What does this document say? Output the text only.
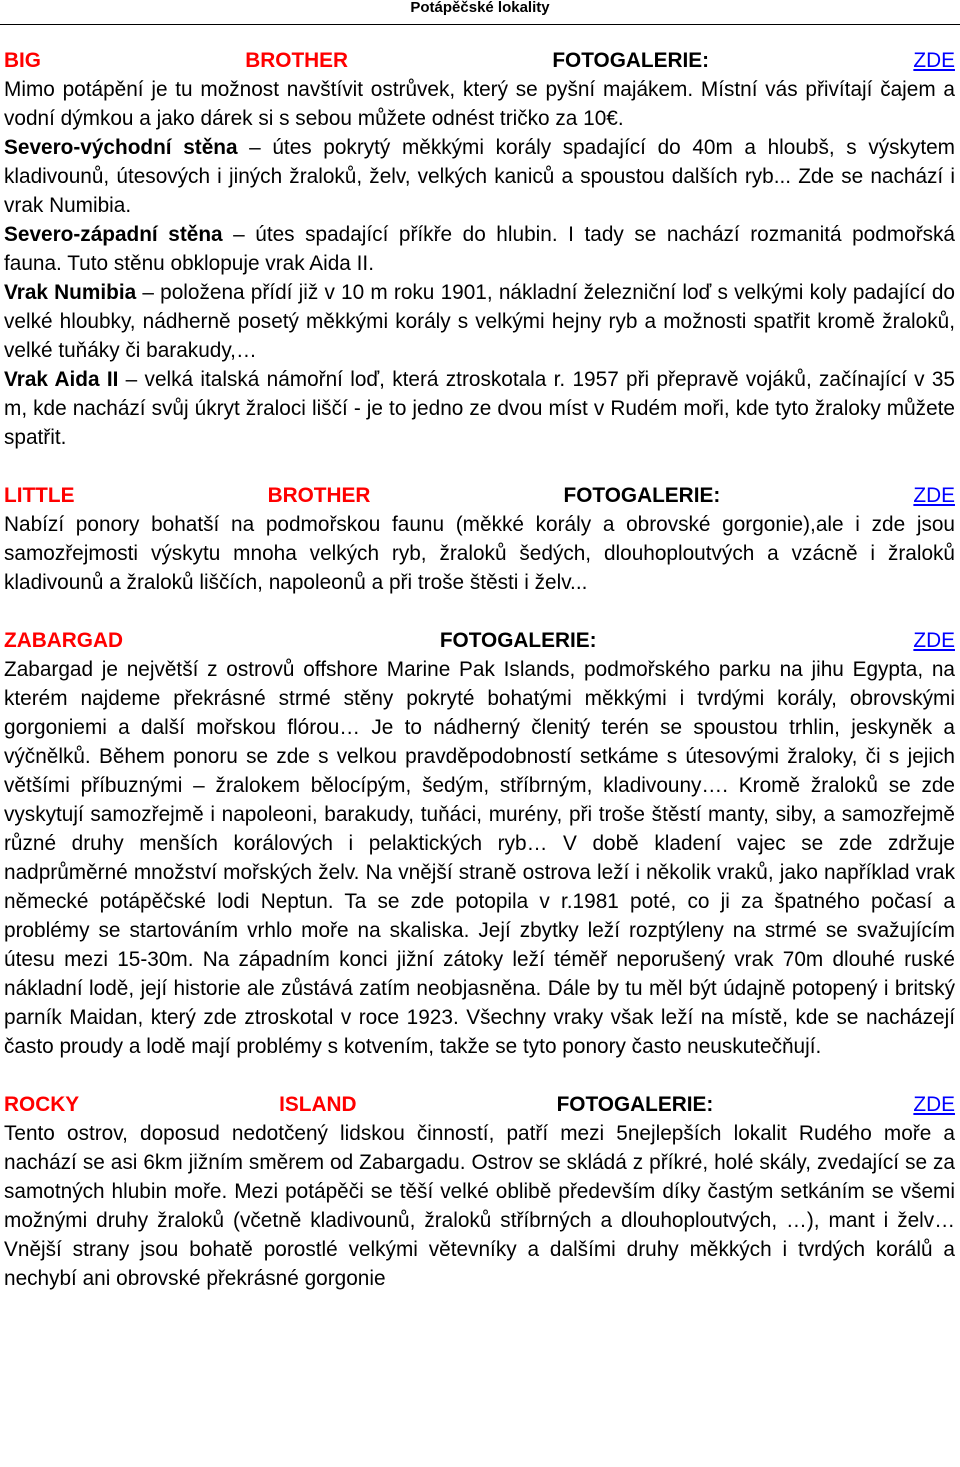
Potápěčské lokality
BIG	BROTHER	FOTOGALERIE:	ZDE
Mimo potápění je tu možnost navštívit ostrůvek, který se pyšní majákem. Místní vás přivítají čajem a vodní dýmkou a jako dárek si s sebou můžete odnést tričko za 10€.
Severo-východní stěna – útes pokrytý měkkými korály spadající do 40m a hloubš, s výskytem kladivounů, útesových i jiných žraloků, želv, velkých kaniců a spoustou dalších ryb... Zde se nachází i vrak Numibia.
Severo-západní stěna – útes spadající příkře do hlubin. I tady se nachází rozmanitá podmořská fauna. Tuto stěnu obklopuje vrak Aida II.
Vrak Numibia – položena přídí již v 10 m roku 1901, nákladní železniční loď s velkými koly padající do velké hloubky, nádherně posetý měkkými korály s velkými hejny ryb a možnosti spatřit kromě žraloků, velké tuňáky či barakudy,…
Vrak Aida II – velká italská námořní loď, která ztroskotala r. 1957 při přepravě vojáků, začínající v 35 m, kde nachází svůj úkryt žraloci liščí - je to jedno ze dvou míst v Rudém moři, kde tyto žraloky můžete spatřit.
LITTLE	BROTHER	FOTOGALERIE:	ZDE
Nabízí ponory bohatší na podmořskou faunu (měkké korály a obrovské gorgonie),ale i zde jsou samozřejmosti výskytu mnoha velkých ryb, žraloků šedých, dlouhoploutvých a vzácně i žraloků kladivounů a žraloků liščích, napoleonů a při troše štěsti i želv...
ZABARGAD	FOTOGALERIE:	ZDE
Zabargad je největší z ostrovů offshore Marine Pak Islands, podmořského parku na jihu Egypta, na kterém najdeme překrásné strmé stěny pokryté bohatými měkkými i tvrdými korály, obrovskými gorgoniemi a další mořskou flórou… Je to nádherný členitý terén se spoustou trhlin, jeskyněk a výčnělků. Během ponoru se zde s velkou pravděpodobností setkáme s útesovými žraloky, či s jejich většími příbuznými – žralokem bělocípým, šedým, stříbrným, kladivouny…. Kromě žraloků se zde vyskytují samozřejmě i napoleoni, barakudy, tuňáci, murény, při troše štěstí manty, siby, a samozřejmě různé druhy menších korálových i pelaktických ryb… V době kladení vajec se zde zdržuje nadprůměrné množství mořských želv. Na vnější straně ostrova leží i několik vraků, jako například vrak německé potápěčské lodi Neptun. Ta se zde potopila v r.1981 poté, co ji za špatného počasí a problémy se startováním vrhlo moře na skaliska. Její zbytky leží rozptýleny na strmé se svažujícím útesu mezi 15-30m. Na západním konci jižní zátoky leží téměř neporušený vrak 70m dlouhé ruské nákladní lodě, její historie ale zůstává zatím neobjasněna. Dále by tu měl být údajně potopený i britský parník Maidan, který zde ztroskotal v roce 1923. Všechny vraky však leží na místě, kde se nacházejí často proudy a lodě mají problémy s kotvením, takže se tyto ponory často neuskutečňují.
ROCKY	ISLAND	FOTOGALERIE:	ZDE
Tento ostrov, doposud nedotčený lidskou činností, patří mezi 5nejlepších lokalit Rudého moře a nachází se asi 6km jižním směrem od Zabargadu. Ostrov se skládá z příkré, holé skály, zvedající se za samotných hlubin moře. Mezi potápěči se těší velké oblibě především díky častým setkáním se všemi možnými druhy žraloků (včetně kladivounů, žraloků stříbrných a dlouhoploutvých, …), mant i želv… Vnější strany jsou bohatě porostlé velkými větevníky a dalšími druhy měkkých i tvrdých korálů a nechybí ani obrovské překrásné gorgonie
